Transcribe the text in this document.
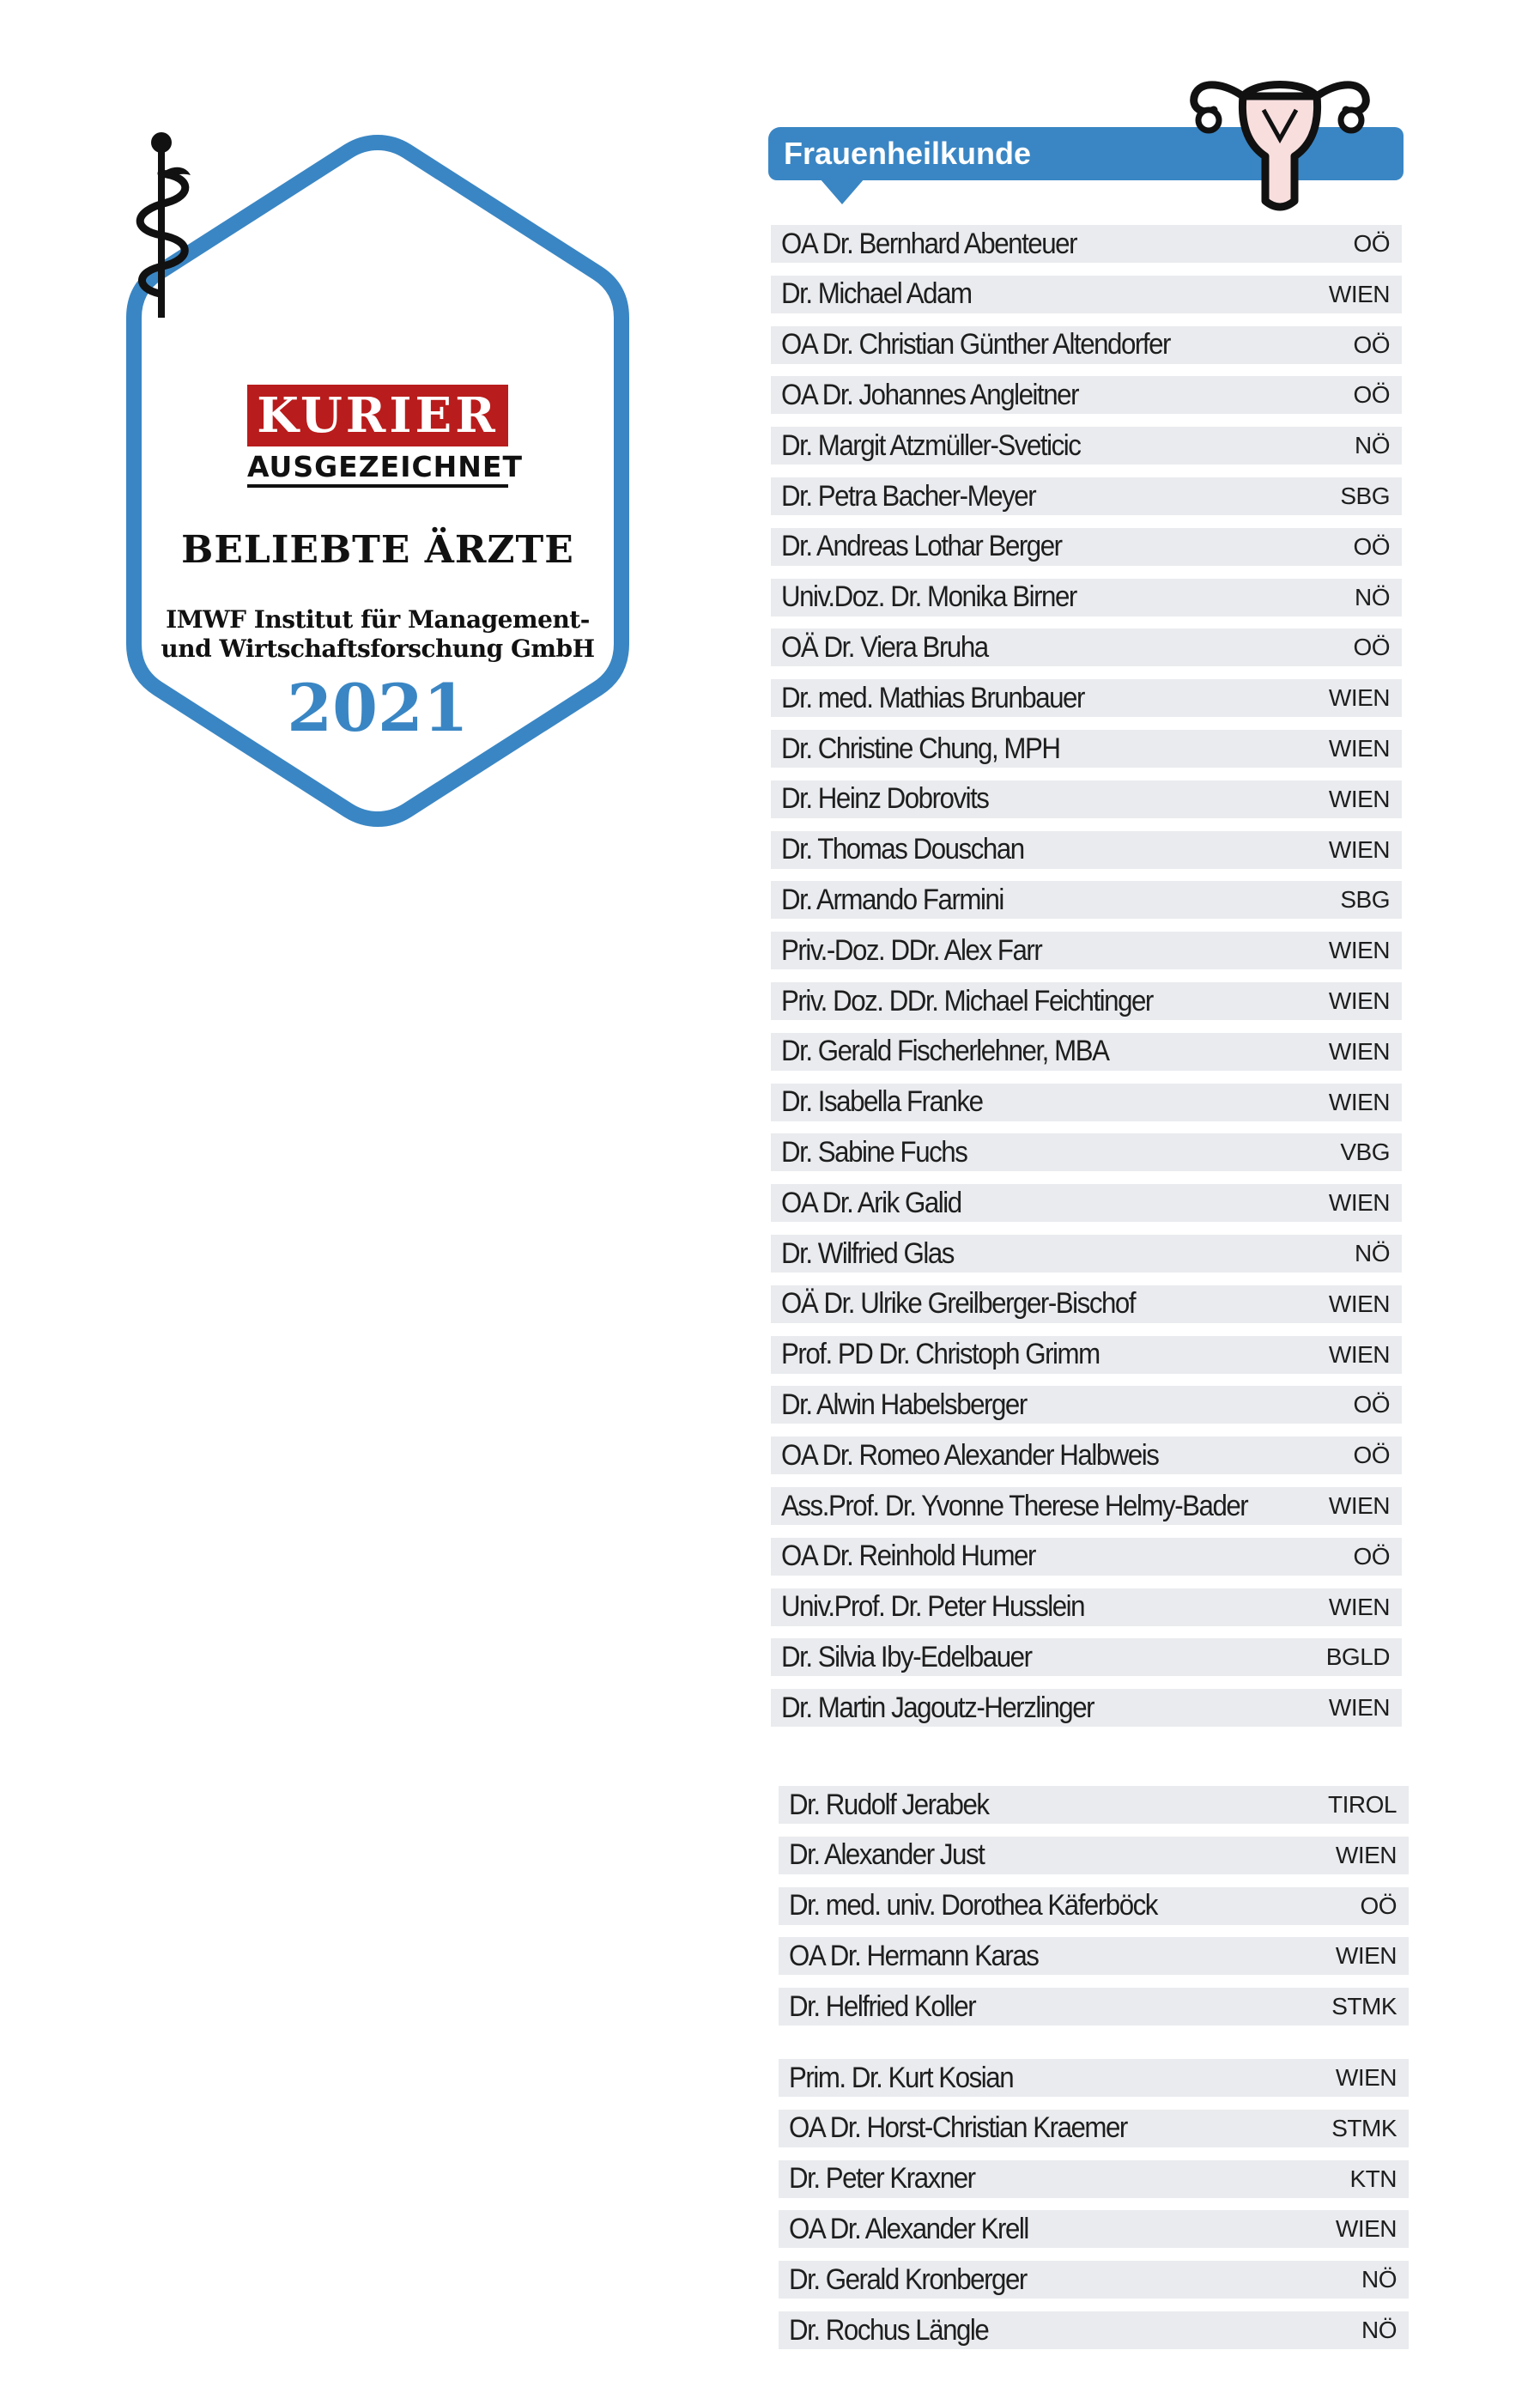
KURIER
AUSGEZEICHNET
BELIEBTE ÄRZTE
IMWF Institut für Management-
und Wirtschaftsforschung GmbH
2021
Frauenheilkunde
OA Dr. Bernhard Abenteuer	OÖ
Dr. Michael Adam	WIEN
OA Dr. Christian Günther Altendorfer	OÖ
OA Dr. Johannes Angleitner	OÖ
Dr. Margit Atzmüller-Sveticic	NÖ
Dr. Petra Bacher-Meyer	SBG
Dr. Andreas Lothar Berger	OÖ
Univ.Doz. Dr. Monika Birner	NÖ
OÄ Dr. Viera Bruha	OÖ
Dr. med. Mathias Brunbauer	WIEN
Dr. Christine Chung, MPH	WIEN
Dr. Heinz Dobrovits	WIEN
Dr. Thomas Douschan	WIEN
Dr. Armando Farmini	SBG
Priv.-Doz. DDr. Alex Farr	WIEN
Priv. Doz. DDr. Michael Feichtinger	WIEN
Dr. Gerald Fischerlehner, MBA	WIEN
Dr. Isabella Franke	WIEN
Dr. Sabine Fuchs	VBG
OA Dr. Arik Galid	WIEN
Dr. Wilfried Glas	NÖ
OÄ Dr. Ulrike Greilberger-Bischof	WIEN
Prof. PD Dr. Christoph Grimm	WIEN
Dr. Alwin Habelsberger	OÖ
OA Dr. Romeo Alexander Halbweis	OÖ
Ass.Prof. Dr. Yvonne Therese Helmy-Bader	WIEN
OA Dr. Reinhold Humer	OÖ
Univ.Prof. Dr. Peter Husslein	WIEN
Dr. Silvia Iby-Edelbauer	BGLD
Dr. Martin Jagoutz-Herzlinger	WIEN
Dr. Rudolf Jerabek	TIROL
Dr. Alexander Just	WIEN
Dr. med. univ. Dorothea Käferböck	OÖ
OA Dr. Hermann Karas	WIEN
Dr. Helfried Koller	STMK
Prim. Dr. Kurt Kosian	WIEN
OA Dr. Horst-Christian Kraemer	STMK
Dr. Peter Kraxner	KTN
OA Dr. Alexander Krell	WIEN
Dr. Gerald Kronberger	NÖ
Dr. Rochus Längle	NÖ
